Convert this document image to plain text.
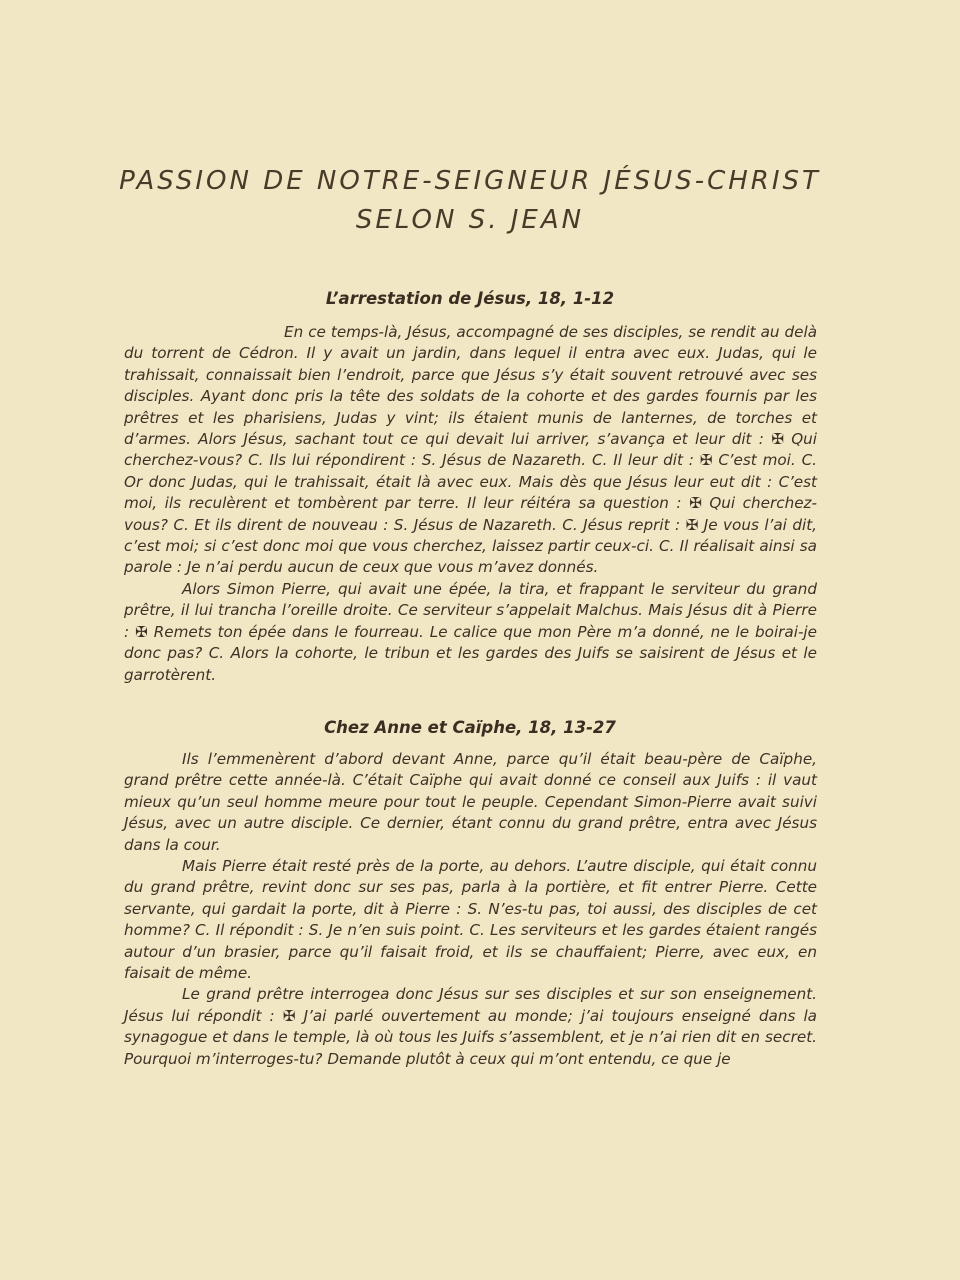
PASSION DE NOTRE-SEIGNEUR JÉSUS-CHRIST
SELON S. JEAN
L’arrestation de Jésus, 18, 1-12

En ce temps-là, Jésus, accompagné de ses disciples, se rendit au delà du torrent de Cédron. Il y avait un jardin, dans lequel il entra avec eux. Judas, qui le trahissait, connaissait bien l’endroit, parce que Jésus s’y était souvent retrouvé avec ses disciples. Ayant donc pris la tête des soldats de la cohorte et des gardes fournis par les prêtres et les pharisiens, Judas y vint; ils étaient munis de lanternes, de torches et d’armes. Alors Jésus, sachant tout ce qui devait lui arriver, s’avança et leur dit : ✠ Qui cherchez-vous? C. Ils lui répondirent : S. Jésus de Nazareth. C. Il leur dit : ✠ C’est moi. C. Or donc Judas, qui le trahissait, était là avec eux. Mais dès que Jésus leur eut dit : C’est moi, ils reculèrent et tombèrent par terre. Il leur réitéra sa question : ✠ Qui cherchez-vous? C. Et ils dirent de nouveau : S. Jésus de Nazareth. C. Jésus reprit : ✠ Je vous l’ai dit, c’est moi; si c’est donc moi que vous cherchez, laissez partir ceux-ci. C. Il réalisait ainsi sa parole : Je n’ai perdu aucun de ceux que vous m’avez donnés.

Alors Simon Pierre, qui avait une épée, la tira, et frappant le serviteur du grand prêtre, il lui trancha l’oreille droite. Ce serviteur s’appelait Malchus. Mais Jésus dit à Pierre : ✠ Remets ton épée dans le fourreau. Le calice que mon Père m’a donné, ne le boirai-je donc pas? C. Alors la cohorte, le tribun et les gardes des Juifs se saisirent de Jésus et le garrotèrent.

Chez Anne et Caïphe, 18, 13-27

Ils l’emmenèrent d’abord devant Anne, parce qu’il était beau-père de Caïphe, grand prêtre cette année-là. C’était Caïphe qui avait donné ce conseil aux Juifs : il vaut mieux qu’un seul homme meure pour tout le peuple. Cependant Simon-Pierre avait suivi Jésus, avec un autre disciple. Ce dernier, étant connu du grand prêtre, entra avec Jésus dans la cour.

Mais Pierre était resté près de la porte, au dehors. L’autre disciple, qui était connu du grand prêtre, revint donc sur ses pas, parla à la portière, et fit entrer Pierre. Cette servante, qui gardait la porte, dit à Pierre : S. N’es-tu pas, toi aussi, des disciples de cet homme? C. Il répondit : S. Je n’en suis point. C. Les serviteurs et les gardes étaient rangés autour d’un brasier, parce qu’il faisait froid, et ils se chauffaient; Pierre, avec eux, en faisait de même.

Le grand prêtre interrogea donc Jésus sur ses disciples et sur son enseignement. Jésus lui répondit : ✠ J’ai parlé ouvertement au monde; j’ai toujours enseigné dans la synagogue et dans le temple, là où tous les Juifs s’assemblent, et je n’ai rien dit en secret. Pourquoi m’interroges-tu? Demande plutôt à ceux qui m’ont entendu, ce que je
